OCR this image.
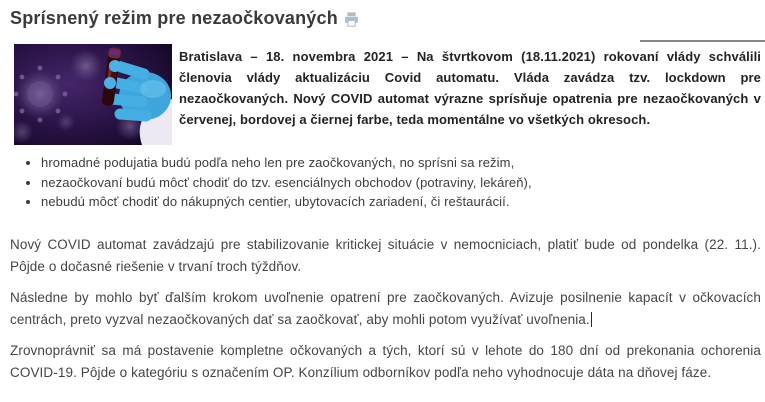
Sprísnený režim pre nezaočkovaných

Bratislava – 18. novembra 2021 – Na štvrtkovom (18.11.2021) rokovaní vlády schválili členovia vlády aktualizáciu Covid automatu. Vláda zavádza tzv. lockdown pre nezaočkovaných. Nový COVID automat výrazne sprísňuje opatrenia pre nezaočkovaných v červenej, bordovej a čiernej farbe, teda momentálne vo všetkých okresoch.

• hromadné podujatia budú podľa neho len pre zaočkovaných, no sprísni sa režim,
• nezaočkovaní budú môcť chodiť do tzv. esenciálnych obchodov (potraviny, lekáreň),
• nebudú môcť chodiť do nákupných centier, ubytovacích zariadení, či reštaurácií.

Nový COVID automat zavádzajú pre stabilizovanie kritickej situácie v nemocniciach, platiť bude od pondelka (22. 11.). Pôjde o dočasné riešenie v trvaní troch týždňov.

Následne by mohlo byť ďalším krokom uvoľnenie opatrení pre zaočkovaných. Avizuje posilnenie kapacít v očkovacích centrách, preto vyzval nezaočkovaných dať sa zaočkovať, aby mohli potom využívať uvoľnenia.

Zrovnoprávniť sa má postavenie kompletne očkovaných a tých, ktorí sú v lehote do 180 dní od prekonania ochorenia COVID-19. Pôjde o kategóriu s označením OP. Konzílium odborníkov podľa neho vyhodnocuje dáta na dňovej fáze.
